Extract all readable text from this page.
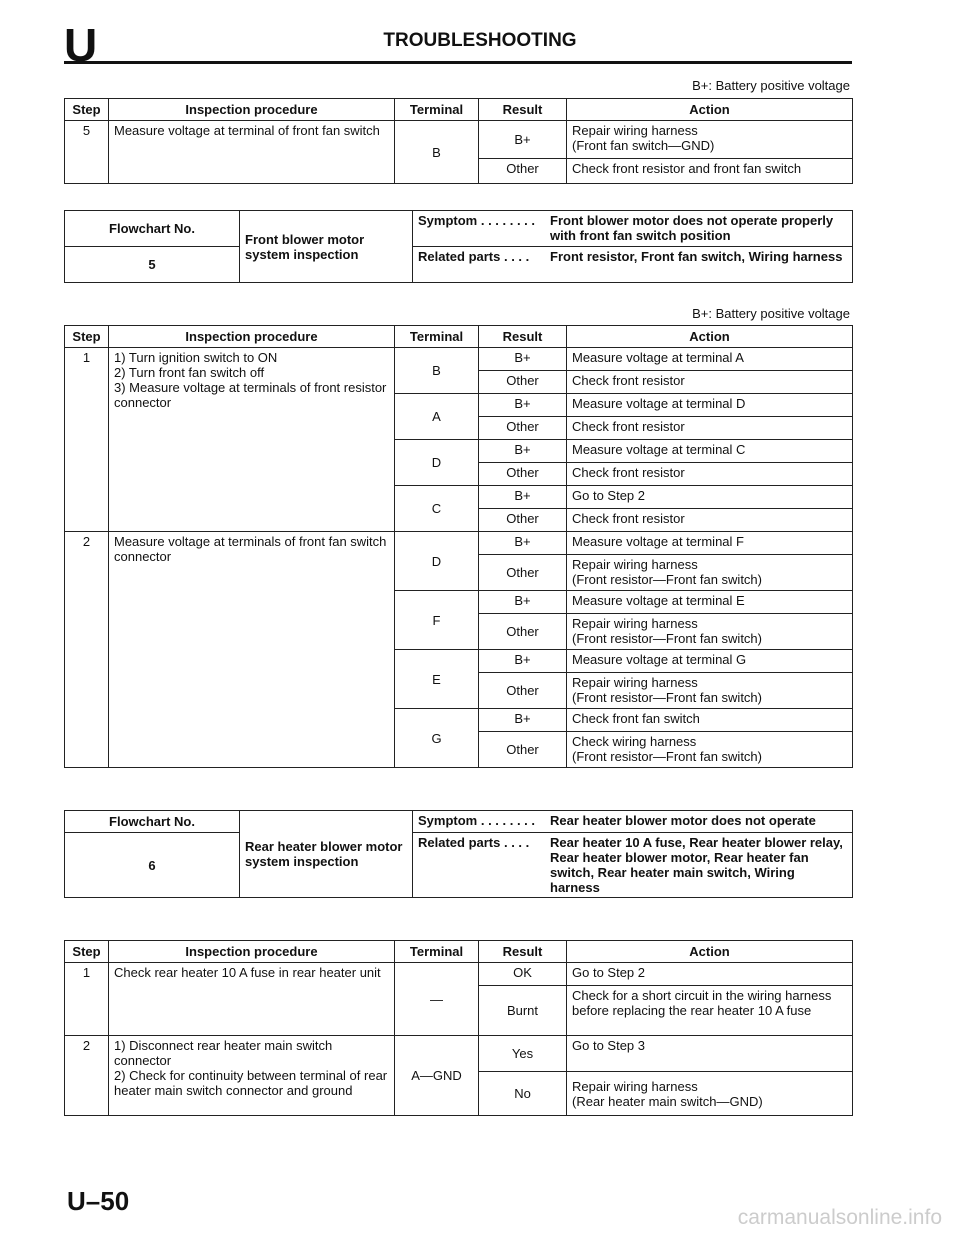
U	TROUBLESHOOTING
B+: Battery positive voltage
Step	Inspection procedure	Terminal	Result	Action
5	Measure voltage at terminal of front fan switch	B	B+	Repair wiring harness
(Front fan switch—GND)
			Other	Check front resistor and front fan switch
Flowchart No.	Front blower motor
system inspection	Symptom . . . . . . . . Front blower motor does not operate properly with front fan switch position

5		Related parts . . . . Front resistor, Front fan switch, Wiring harness
B+: Battery positive voltage
Step	Inspection procedure	Terminal	Result	Action
1	1) Turn ignition switch to ON
2) Turn front fan switch off
3) Measure voltage at terminals of front resistor connector	B	B+	Measure voltage at terminal A
			Other	Check front resistor
		A	B+	Measure voltage at terminal D
			Other	Check front resistor
		D	B+	Measure voltage at terminal C
			Other	Check front resistor
		C	B+	Go to Step 2
			Other	Check front resistor
2	Measure voltage at terminals of front fan switch connector	D	B+	Measure voltage at terminal F
			Other	Repair wiring harness
(Front resistor—Front fan switch)
		F	B+	Measure voltage at terminal E
			Other	Repair wiring harness
(Front resistor—Front fan switch)
		E	B+	Measure voltage at terminal G
			Other	Repair wiring harness
(Front resistor—Front fan switch)
		G	B+	Check front fan switch
			Other	Check wiring harness
(Front resistor—Front fan switch)
Flowchart No.	Rear heater blower motor system inspection	Symptom . . . . . . . . Rear heater blower motor does not operate

6		Related parts . . . . Rear heater 10 A fuse, Rear heater blower relay, Rear heater blower motor, Rear heater fan switch, Rear heater main switch, Wiring harness
Step	Inspection procedure	Terminal	Result	Action
1	Check rear heater 10 A fuse in rear heater unit	—	OK	Go to Step 2
			Burnt	Check for a short circuit in the wiring harness before replacing the rear heater 10 A fuse
2	1) Disconnect rear heater main switch connector
2) Check for continuity between terminal of rear heater main switch connector and ground	A—GND	Yes	Go to Step 3
			No	Repair wiring harness
(Rear heater main switch—GND)
U–50
carmanualsonline.info
